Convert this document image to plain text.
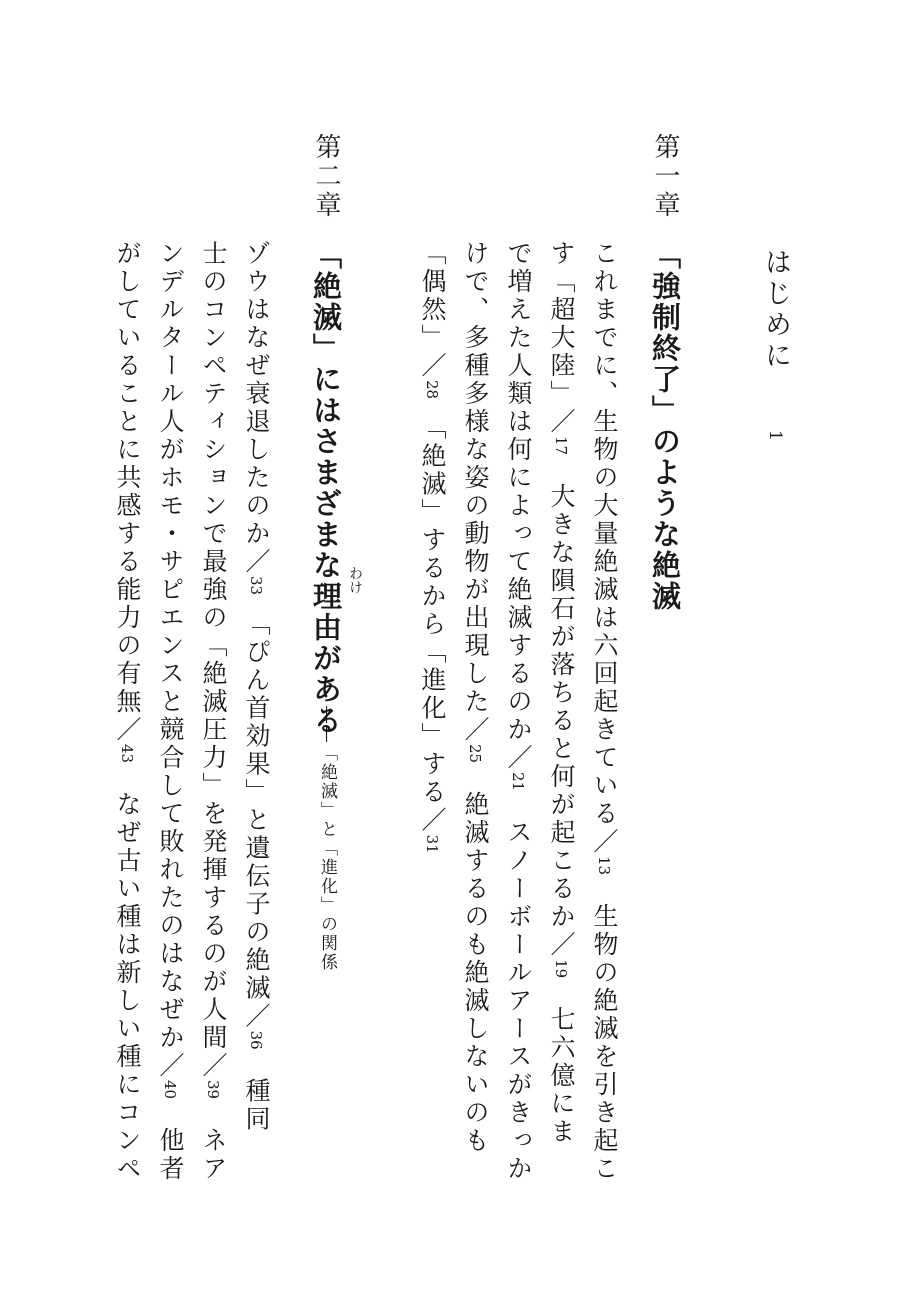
はじめに1
第一章
「強制終了」のような絶滅
これまでに、生物の大量絶滅は六回起きている／13　生物の絶滅を引き起こ
す「超大陸」／17　大きな隕石が落ちると何が起こるか／19　七六億にま
で増えた人類は何によって絶滅するのか／21　スノーボールアースがきっか
けで、多種多様な姿の動物が出現した／25　絶滅するのも絶滅しないのも
「偶然」／28　「絶滅」するから「進化」する／31
第二章
「絶滅」にはさまざまな理由がある わけ
――「絶滅」と「進化」の関係
ゾウはなぜ衰退したのか／33　「ぴん首効果」と遺伝子の絶滅／36　種同
士のコンペティションで最強の「絶滅圧力」を発揮するのが人間／39　ネア
ンデルタール人がホモ・サピエンスと競合して敗れたのはなぜか／40　他者
がしていることに共感する能力の有無／43　なぜ古い種は新しい種にコンペ
